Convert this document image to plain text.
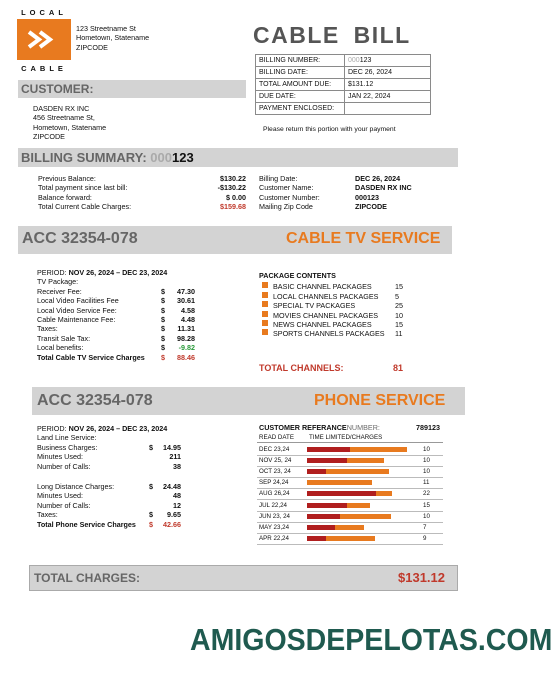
LOCAL
CABLE
123 Streetname St
Hometown, Statename
ZIPCODE	CABLE BILL
BILLING NUMBER:	000123
BILLING DATE:	DEC 26, 2024
TOTAL AMOUNT DUE:	$131.12
DUE DATE:	JAN 22, 2024
PAYMENT ENCLOSED:	
Please return this portion with your payment
CUSTOMER:
DASDEN RX INC
456 Streetname St,
Hometown, Statename
ZIPCODE
BILLING SUMMARY: 000123
Previous Balance:	$130.22
Total payment since last bill:	-$130.22
Balance forward:	$ 0.00
Total Current Cable Charges:	$159.68
Billing Date:	DEC 26, 2024
Customer Name:	DASDEN RX INC
Customer Number:	000123
Mailing Zip Code	ZIPCODE
ACC 32354-078	CABLE TV SERVICE
PERIOD: NOV 26, 2024 – DEC 23, 2024
TV Package:
Receiver Fee:	$	47.30
Local Video Facilities Fee	$	30.61
Local Video Service Fee:	$	4.58
Cable Maintenance Fee:	$	4.48
Taxes:	$	11.31
Transit Sale Tax:	$	98.28
Local benefits:	$	-9.82
Total Cable TV Service Charges	$	88.46
PACKAGE CONTENTS
BASIC CHANNEL PACKAGES	15
LOCAL CHANNELS PACKAGES	5
SPECIAL TV PACKAGES	25
MOVIES CHANNEL PACKAGES	10
NEWS CHANNEL PACKAGES	15
SPORTS CHANNELS PACKAGES	11
TOTAL CHANNELS:	81
ACC 32354-078	PHONE SERVICE
PERIOD: NOV 26, 2024 – DEC 23, 2024
Land Line Service:
Business Charges:	$	14.95
Minutes Used:	211
Number of Calls:	38
Long Distance Charges:	$	24.48
Minutes Used:	48
Number of Calls:	12
Taxes:	$	9.65
Total Phone Service Charges	$	42.66
CUSTOMER REFERANCENUMBER:	789123
READ DATE TIME LIMITED/CHARGES
DEC 23,24	10
NOV 25, 24	10
OCT 23, 24	10
SEP 24,24	11
AUG 26,24	22
JUL 22,24	15
JUN 23, 24	10
MAY 23,24	7
APR 22,24	9
TOTAL CHARGES:	$131.12
AMIGOSDEPELOTAS.COM
